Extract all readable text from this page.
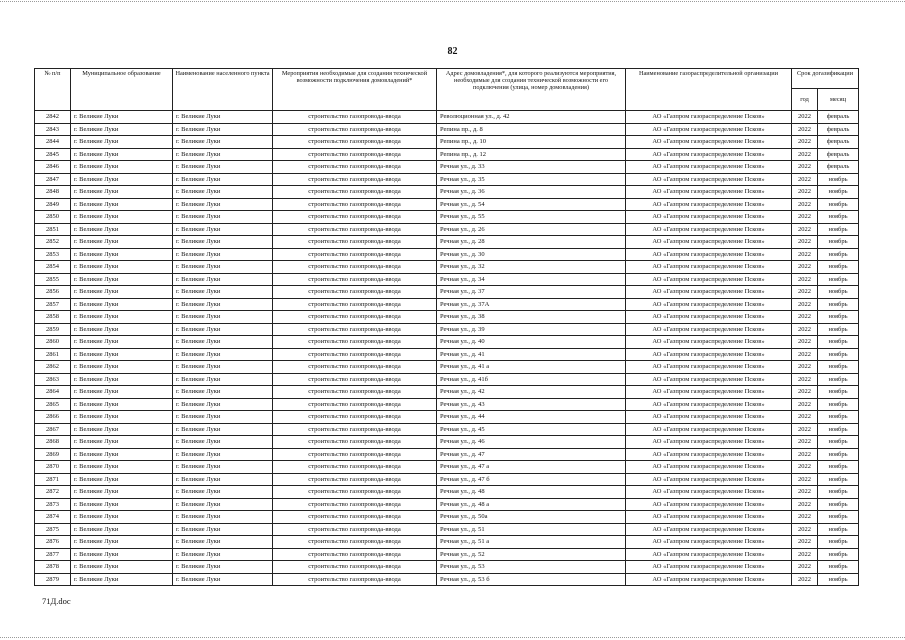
82
№ п/п	Муниципальное образование	Наименование населенного пункта	Мероприятия необходимые для создания технической возможности подключения домовладений*	Адрес домовладения*, для которого реализуются мероприятия, необходимые для создания технической возможности его подключения (улица, номер домовладения)	Наименование газораспределительной организации	Срок догазификации	
						год	месяц
2842	г. Великие Луки	г. Великие Луки	строительство газопровода-ввода	Революционная ул., д. 42	АО «Газпром газораспределение Псков»	2022	февраль
2843	г. Великие Луки	г. Великие Луки	строительство газопровода-ввода	Репина пр., д. 8	АО «Газпром газораспределение Псков»	2022	февраль
2844	г. Великие Луки	г. Великие Луки	строительство газопровода-ввода	Репина пр., д. 10	АО «Газпром газораспределение Псков»	2022	февраль
2845	г. Великие Луки	г. Великие Луки	строительство газопровода-ввода	Репина пр., д. 12	АО «Газпром газораспределение Псков»	2022	февраль
2846	г. Великие Луки	г. Великие Луки	строительство газопровода-ввода	Речная ул., д. 33	АО «Газпром газораспределение Псков»	2022	февраль
2847	г. Великие Луки	г. Великие Луки	строительство газопровода-ввода	Речная ул., д. 35	АО «Газпром газораспределение Псков»	2022	ноябрь
2848	г. Великие Луки	г. Великие Луки	строительство газопровода-ввода	Речная ул., д. 36	АО «Газпром газораспределение Псков»	2022	ноябрь
2849	г. Великие Луки	г. Великие Луки	строительство газопровода-ввода	Речная ул., д. 54	АО «Газпром газораспределение Псков»	2022	ноябрь
2850	г. Великие Луки	г. Великие Луки	строительство газопровода-ввода	Речная ул., д. 55	АО «Газпром газораспределение Псков»	2022	ноябрь
2851	г. Великие Луки	г. Великие Луки	строительство газопровода-ввода	Речная ул., д. 26	АО «Газпром газораспределение Псков»	2022	ноябрь
2852	г. Великие Луки	г. Великие Луки	строительство газопровода-ввода	Речная ул., д. 28	АО «Газпром газораспределение Псков»	2022	ноябрь
2853	г. Великие Луки	г. Великие Луки	строительство газопровода-ввода	Речная ул., д. 30	АО «Газпром газораспределение Псков»	2022	ноябрь
2854	г. Великие Луки	г. Великие Луки	строительство газопровода-ввода	Речная ул., д. 32	АО «Газпром газораспределение Псков»	2022	ноябрь
2855	г. Великие Луки	г. Великие Луки	строительство газопровода-ввода	Речная ул., д. 34	АО «Газпром газораспределение Псков»	2022	ноябрь
2856	г. Великие Луки	г. Великие Луки	строительство газопровода-ввода	Речная ул., д. 37	АО «Газпром газораспределение Псков»	2022	ноябрь
2857	г. Великие Луки	г. Великие Луки	строительство газопровода-ввода	Речная ул., д. 37А	АО «Газпром газораспределение Псков»	2022	ноябрь
2858	г. Великие Луки	г. Великие Луки	строительство газопровода-ввода	Речная ул., д. 38	АО «Газпром газораспределение Псков»	2022	ноябрь
2859	г. Великие Луки	г. Великие Луки	строительство газопровода-ввода	Речная ул., д. 39	АО «Газпром газораспределение Псков»	2022	ноябрь
2860	г. Великие Луки	г. Великие Луки	строительство газопровода-ввода	Речная ул., д. 40	АО «Газпром газораспределение Псков»	2022	ноябрь
2861	г. Великие Луки	г. Великие Луки	строительство газопровода-ввода	Речная ул., д. 41	АО «Газпром газораспределение Псков»	2022	ноябрь
2862	г. Великие Луки	г. Великие Луки	строительство газопровода-ввода	Речная ул., д. 41 а	АО «Газпром газораспределение Псков»	2022	ноябрь
2863	г. Великие Луки	г. Великие Луки	строительство газопровода-ввода	Речная ул., д. 41б	АО «Газпром газораспределение Псков»	2022	ноябрь
2864	г. Великие Луки	г. Великие Луки	строительство газопровода-ввода	Речная ул., д. 42	АО «Газпром газораспределение Псков»	2022	ноябрь
2865	г. Великие Луки	г. Великие Луки	строительство газопровода-ввода	Речная ул., д. 43	АО «Газпром газораспределение Псков»	2022	ноябрь
2866	г. Великие Луки	г. Великие Луки	строительство газопровода-ввода	Речная ул., д. 44	АО «Газпром газораспределение Псков»	2022	ноябрь
2867	г. Великие Луки	г. Великие Луки	строительство газопровода-ввода	Речная ул., д. 45	АО «Газпром газораспределение Псков»	2022	ноябрь
2868	г. Великие Луки	г. Великие Луки	строительство газопровода-ввода	Речная ул., д. 46	АО «Газпром газораспределение Псков»	2022	ноябрь
2869	г. Великие Луки	г. Великие Луки	строительство газопровода-ввода	Речная ул., д. 47	АО «Газпром газораспределение Псков»	2022	ноябрь
2870	г. Великие Луки	г. Великие Луки	строительство газопровода-ввода	Речная ул., д. 47 а	АО «Газпром газораспределение Псков»	2022	ноябрь
2871	г. Великие Луки	г. Великие Луки	строительство газопровода-ввода	Речная ул., д. 47 б	АО «Газпром газораспределение Псков»	2022	ноябрь
2872	г. Великие Луки	г. Великие Луки	строительство газопровода-ввода	Речная ул., д. 48	АО «Газпром газораспределение Псков»	2022	ноябрь
2873	г. Великие Луки	г. Великие Луки	строительство газопровода-ввода	Речная ул., д. 48 а	АО «Газпром газораспределение Псков»	2022	ноябрь
2874	г. Великие Луки	г. Великие Луки	строительство газопровода-ввода	Речная ул., д. 50а	АО «Газпром газораспределение Псков»	2022	ноябрь
2875	г. Великие Луки	г. Великие Луки	строительство газопровода-ввода	Речная ул., д. 51	АО «Газпром газораспределение Псков»	2022	ноябрь
2876	г. Великие Луки	г. Великие Луки	строительство газопровода-ввода	Речная ул., д. 51 а	АО «Газпром газораспределение Псков»	2022	ноябрь
2877	г. Великие Луки	г. Великие Луки	строительство газопровода-ввода	Речная ул., д. 52	АО «Газпром газораспределение Псков»	2022	ноябрь
2878	г. Великие Луки	г. Великие Луки	строительство газопровода-ввода	Речная ул., д. 53	АО «Газпром газораспределение Псков»	2022	ноябрь
2879	г. Великие Луки	г. Великие Луки	строительство газопровода-ввода	Речная ул., д. 53 б	АО «Газпром газораспределение Псков»	2022	ноябрь
71Д.doc
